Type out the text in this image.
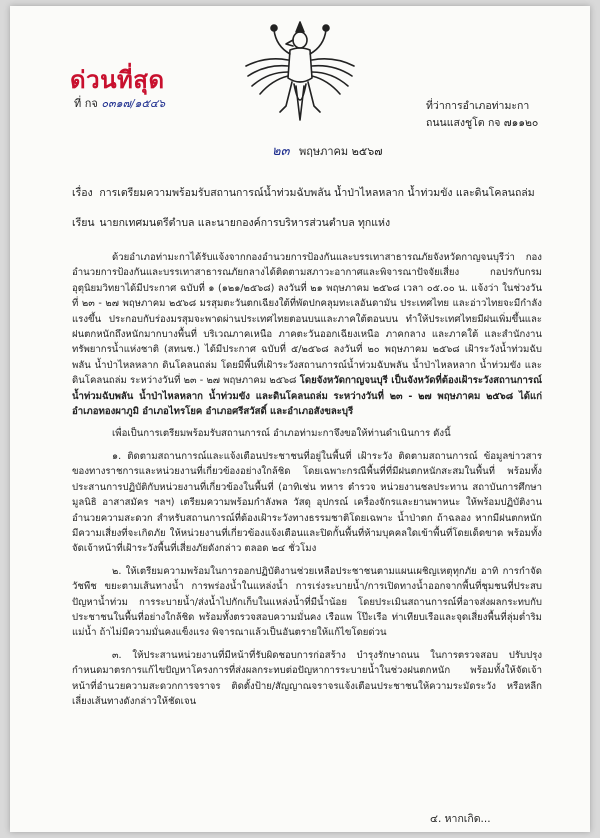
ด่วนที่สุด
ที่ กจ ๐๓๑๗/๑๕๔๖	ที่ว่าการอำเภอท่ามะกา
ถนนแสงชูโต กจ ๗๑๑๒๐
๒๓ พฤษภาคม ๒๕๖๗
เรื่อง การเตรียมความพร้อมรับสถานการณ์น้ำท่วมฉับพลัน น้ำป่าไหลหลาก น้ำท่วมขัง และดินโคลนถล่ม
เรียน นายกเทศมนตรีตำบล และนายกองค์การบริหารส่วนตำบล ทุกแห่ง

ด้วยอำเภอท่ามะกาได้รับแจ้งจากกองอำนวยการป้องกันและบรรเทาสาธารณภัยจังหวัดกาญจนบุรีว่า กองอำนวยการป้องกันและบรรเทาสาธารณภัยกลางได้ติดตามสภาวะอากาศและพิจารณาปัจจัยเสี่ยง กอปรกับกรมอุตุนิยมวิทยาได้มีประกาศ ฉบับที่ ๑ (๑๒๑/๒๕๖๘) ลงวันที่ ๒๑ พฤษภาคม ๒๕๖๘ เวลา ๐๕.๐๐ น. แจ้งว่า ในช่วงวันที่ ๒๓ - ๒๗ พฤษภาคม ๒๕๖๘ มรสุมตะวันตกเฉียงใต้ที่พัดปกคลุมทะเลอันดามัน ประเทศไทย และอ่าวไทยจะมีกำลังแรงขึ้น ประกอบกับร่องมรสุมจะพาดผ่านประเทศไทยตอนบนและภาคใต้ตอนบน ทำให้ประเทศไทยมีฝนเพิ่มขึ้นและฝนตกหนักถึงหนักมากบางพื้นที่ บริเวณภาคเหนือ ภาคตะวันออกเฉียงเหนือ ภาคกลาง และภาคใต้ และสำนักงานทรัพยากรน้ำแห่งชาติ (สทนช.) ได้มีประกาศ ฉบับที่ ๕/๒๕๖๘ ลงวันที่ ๒๐ พฤษภาคม ๒๕๖๘ เฝ้าระวังน้ำท่วมฉับพลัน น้ำป่าไหลหลาก ดินโคลนถล่ม โดยมีพื้นที่เฝ้าระวังสถานการณ์น้ำท่วมฉับพลัน น้ำป่าไหลหลาก น้ำท่วมขัง และดินโคลนถล่ม ระหว่างวันที่ ๒๓ - ๒๗ พฤษภาคม ๒๕๖๘ โดยจังหวัดกาญจนบุรี เป็นจังหวัดที่ต้องเฝ้าระวังสถานการณ์น้ำท่วมฉับพลัน น้ำป่าไหลหลาก น้ำท่วมขัง และดินโคลนถล่ม ระหว่างวันที่ ๒๓ - ๒๗ พฤษภาคม ๒๕๖๘ ได้แก่ อำเภอทองผาภูมิ อำเภอไทรโยค อำเภอศรีสวัสดิ์ และอำเภอสังขละบุรี

เพื่อเป็นการเตรียมพร้อมรับสถานการณ์ อำเภอท่ามะกาจึงขอให้ท่านดำเนินการ ดังนี้

๑. ติดตามสถานการณ์และแจ้งเตือนประชาชนที่อยู่ในพื้นที่ เฝ้าระวัง ติดตามสถานการณ์ ข้อมูลข่าวสารของทางราชการและหน่วยงานที่เกี่ยวข้องอย่างใกล้ชิด โดยเฉพาะกรณีพื้นที่ที่มีฝนตกหนักสะสมในพื้นที่ พร้อมทั้งประสานการปฏิบัติกับหน่วยงานที่เกี่ยวข้องในพื้นที่ (อาทิเช่น ทหาร ตำรวจ หน่วยงานชลประทาน สถาบันการศึกษา มูลนิธิ อาสาสมัคร ฯลฯ) เตรียมความพร้อมกำลังพล วัสดุ อุปกรณ์ เครื่องจักรและยานพาหนะ ให้พร้อมปฏิบัติงาน อำนวยความสะดวก สำหรับสถานการณ์ที่ต้องเฝ้าระวังทางธรรมชาติโดยเฉพาะ น้ำป่าตก ถ้าฉลอง หากมีฝนตกหนักมีความเสี่ยงที่จะเกิดภัย ให้หน่วยงานที่เกี่ยวข้องแจ้งเตือนและปิดกั้นพื้นที่ห้ามบุคคลใดเข้าพื้นที่โดยเด็ดขาด พร้อมทั้งจัดเจ้าหน้าที่เฝ้าระวังพื้นที่เสี่ยงภัยดังกล่าว ตลอด ๒๔ ชั่วโมง

๒. ให้เตรียมความพร้อมในการออกปฏิบัติงานช่วยเหลือประชาชนตามแผนเผชิญเหตุทุกภัย อาทิ การกำจัดวัชพืช ขยะตามเส้นทางน้ำ การพร่องน้ำในแหล่งน้ำ การเร่งระบายน้ำ/การเปิดทางน้ำออกจากพื้นที่ชุมชนที่ประสบปัญหาน้ำท่วม การระบายน้ำ/ส่งน้ำไปกักเก็บในแหล่งน้ำที่มีน้ำน้อย โดยประเมินสถานการณ์ที่อาจส่งผลกระทบกับประชาชนในพื้นที่อย่างใกล้ชิด พร้อมทั้งตรวจสอบความมั่นคง เรือแพ โป๊ะเรือ ท่าเทียบเรือและจุดเสี่ยงพื้นที่ลุ่มต่ำริมแม่น้ำ ถ้าไม่มีความมั่นคงแข็งแรง พิจารณาแล้วเป็นอันตรายให้แก้ไขโดยด่วน

๓. ให้ประสานหน่วยงานที่มีหน้าที่รับผิดชอบการก่อสร้าง บำรุงรักษาถนน ในการตรวจสอบ ปรับปรุง กำหนดมาตรการแก้ไขปัญหาโครงการที่ส่งผลกระทบต่อปัญหาการระบายน้ำในช่วงฝนตกหนัก พร้อมทั้งให้จัดเจ้าหน้าที่อำนวยความสะดวกการจราจร ติดตั้งป้าย/สัญญาณจราจรแจ้งเตือนประชาชนให้ความระมัดระวัง หรือหลีกเลี่ยงเส้นทางดังกล่าวให้ชัดเจน

๔. หากเกิด...
